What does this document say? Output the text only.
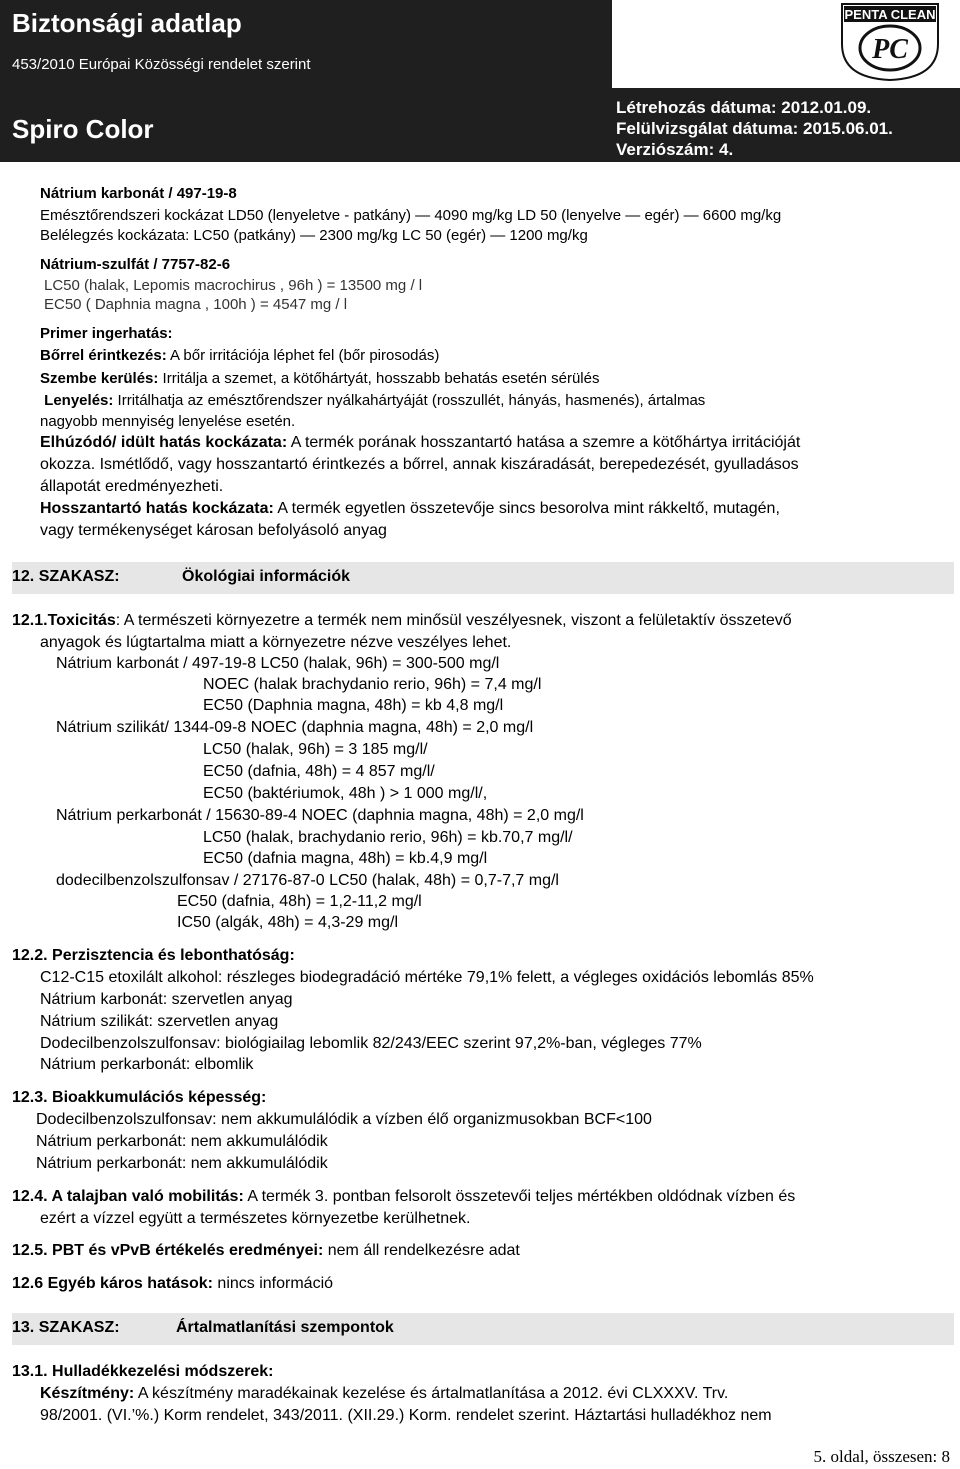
Biztonsági adatlap
453/2010 Európai Közösségi rendelet szerint
Spiro Color
Létrehozás dátuma: 2012.01.09.
Felülvizsgálat dátuma: 2015.06.01.
Verziószám: 4.
PENTA CLEAN
PC
Nátrium karbonát / 497-19-8
Emésztőrendszeri kockázat LD50 (lenyeletve - patkány) — 4090 mg/kg LD 50 (lenyelve — egér) — 6600 mg/kg
Belélegzés kockázata: LC50 (patkány) — 2300 mg/kg LC 50 (egér) — 1200 mg/kg
Nátrium-szulfát / 7757-82-6
LC50 (halak, Lepomis macrochirus , 96h ) = 13500 mg / l
EC50 ( Daphnia magna , 100h ) = 4547 mg / l
Primer ingerhatás:
Bőrrel érintkezés: A bőr irritációja léphet fel (bőr pirosodás)
Szembe kerülés: Irritálja a szemet, a kötőhártyát, hosszabb behatás esetén sérülés
Lenyelés: Irritálhatja az emésztőrendszer nyálkahártyáját (rosszullét, hányás, hasmenés), ártalmas
nagyobb mennyiség lenyelése esetén.
Elhúzódó/ idült hatás kockázata: A termék porának hosszantartó hatása a szemre a kötőhártya irritációját
okozza. Ismétlődő, vagy hosszantartó érintkezés a bőrrel, annak kiszáradását, berepedezését, gyulladásos
állapotát eredményezheti.
Hosszantartó hatás kockázata: A termék egyetlen összetevője sincs besorolva mint rákkeltő, mutagén,
vagy termékenységet károsan befolyásoló anyag
12. SZAKASZ:	Ökológiai információk
12.1.Toxicitás: A természeti környezetre a termék nem minősül veszélyesnek, viszont a felületaktív összetevő
anyagok és lúgtartalma miatt a környezetre nézve veszélyes lehet.
Nátrium karbonát / 497-19-8 LC50 (halak, 96h) = 300-500 mg/l
NOEC (halak brachydanio rerio, 96h) = 7,4 mg/l
EC50 (Daphnia magna, 48h) = kb 4,8 mg/l
Nátrium szilikát/ 1344-09-8 NOEC (daphnia magna, 48h) = 2,0 mg/l
LC50 (halak, 96h) = 3 185 mg/l/
EC50 (dafnia, 48h) = 4 857 mg/l/
EC50 (baktériumok, 48h ) > 1 000 mg/l/,
Nátrium perkarbonát / 15630-89-4 NOEC (daphnia magna, 48h) = 2,0 mg/l
LC50 (halak, brachydanio rerio, 96h) = kb.70,7 mg/l/
EC50 (dafnia magna, 48h) = kb.4,9 mg/l
dodecilbenzolszulfonsav / 27176-87-0 LC50 (halak, 48h) = 0,7-7,7 mg/l
EC50 (dafnia, 48h) = 1,2-11,2 mg/l
IC50 (algák, 48h) = 4,3-29 mg/l
12.2. Perzisztencia és lebonthatóság:
C12-C15 etoxilált alkohol: részleges biodegradáció mértéke 79,1% felett, a végleges oxidációs lebomlás 85%
Nátrium karbonát: szervetlen anyag
Nátrium szilikát: szervetlen anyag
Dodecilbenzolszulfonsav: biológiailag lebomlik 82/243/EEC szerint 97,2%-ban, végleges 77%
Nátrium perkarbonát: elbomlik
12.3. Bioakkumulációs képesség:
Dodecilbenzolszulfonsav: nem akkumulálódik a vízben élő organizmusokban BCF<100
Nátrium perkarbonát: nem akkumulálódik
Nátrium perkarbonát: nem akkumulálódik
12.4. A talajban való mobilitás: A termék 3. pontban felsorolt összetevői teljes mértékben oldódnak vízben és
ezért a vízzel együtt a természetes környezetbe kerülhetnek.
12.5. PBT és vPvB értékelés eredményei: nem áll rendelkezésre adat
12.6 Egyéb káros hatások: nincs információ
13. SZAKASZ:	Ártalmatlanítási szempontok
13.1. Hulladékkezelési módszerek:
Készítmény: A készítmény maradékainak kezelése és ártalmatlanítása a 2012. évi CLXXXV. Trv.
98/2001. (VI.’%.) Korm rendelet, 343/2011. (XII.29.) Korm. rendelet szerint. Háztartási hulladékhoz nem
5. oldal, összesen: 8
